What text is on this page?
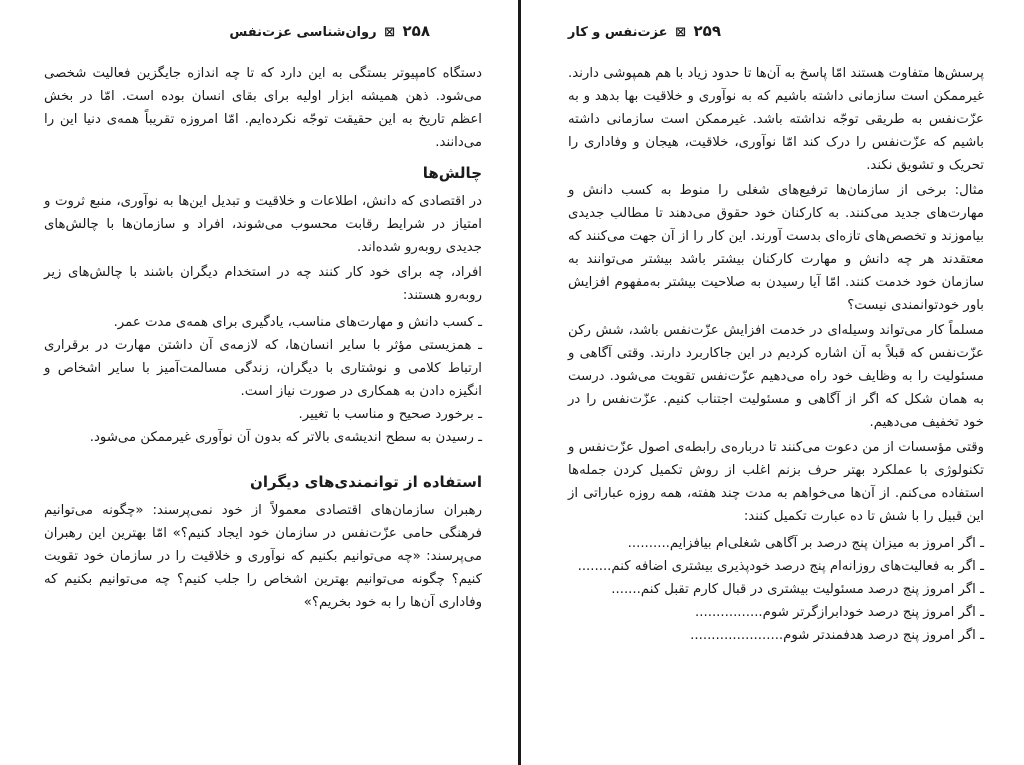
۲۵۸ ⊠ روان‌شناسی عزت‌نفس

دستگاه کامپیوتر بستگی به این دارد که تا چه اندازه جایگزین فعالیت شخصی می‌شود. ذهن همیشه ابزار اولیه برای بقای انسان بوده است. امّا در بخش اعظم تاریخ به این حقیقت توجّه نکرده‌ایم. امّا امروزه تقریباً همه‌ی دنیا این را می‌دانند.

چالش‌ها

در اقتصادی که دانش، اطلاعات و خلاقیت و تبدیل این‌ها به نوآوری، منبع ثروت و امتیاز در شرایط رقابت محسوب می‌شوند، افراد و سازمان‌ها با چالش‌های جدیدی روبه‌رو شده‌اند.

افراد، چه برای خود کار کنند چه در استخدام دیگران باشند با چالش‌های زیر روبه‌رو هستند:

ـ کسب دانش و مهارت‌های مناسب، یادگیری برای همه‌ی مدت عمر.
ـ همزیستی مؤثر با سایر انسان‌ها، که لازمه‌ی آن داشتن مهارت در برقراری ارتباط کلامی و نوشتاری با دیگران، زندگی مسالمت‌آمیز با سایر اشخاص و انگیزه دادن به همکاری در صورت نیاز است.
ـ برخورد صحیح و مناسب با تغییر.
ـ رسیدن به سطح اندیشه‌ی بالاتر که بدون آن نوآوری غیرممکن می‌شود.
استفاده از توانمندی‌های دیگران

رهبران سازمان‌های اقتصادی معمولاً از خود نمی‌پرسند: «چگونه می‌توانیم فرهنگی حامی عزّت‌نفس در سازمان خود ایجاد کنیم؟» امّا بهترین این رهبران می‌پرسند: «چه می‌توانیم بکنیم که نوآوری و خلاقیت را در سازمان خود تقویت کنیم؟ چگونه می‌توانیم بهترین اشخاص را جلب کنیم؟ چه می‌توانیم بکنیم که وفاداری آن‌ها را به خود بخریم؟»

۲۵۹ ⊠ عزت‌نفس و کار

پرسش‌ها متفاوت هستند امّا پاسخ به آن‌ها تا حدود زیاد با هم همپوشی دارند. غیرممکن است سازمانی داشته باشیم که به نوآوری و خلاقیت بها بدهد و به عزّت‌نفس به طریقی توجّه نداشته باشد. غیرممکن است سازمانی داشته باشیم که عزّت‌نفس را درک کند امّا نوآوری، خلاقیت، هیجان و وفاداری را تحریک و تشویق نکند.

مثال: برخی از سازمان‌ها ترفیع‌های شغلی را منوط به کسب دانش و مهارت‌های جدید می‌کنند. به کارکنان خود حقوق می‌دهند تا مطالب جدیدی بیاموزند و تخصص‌های تازه‌ای بدست آورند. این کار را از آن جهت می‌کنند که معتقدند هر چه دانش و مهارت کارکنان بیشتر باشد بیشتر می‌توانند به سازمان خود خدمت کنند. امّا آیا رسیدن به صلاحیت بیشتر به‌مفهوم افزایش باور خودتوانمندی نیست؟

مسلماً کار می‌تواند وسیله‌ای در خدمت افزایش عزّت‌نفس باشد، شش رکن عزّت‌نفس که قبلاً به آن اشاره کردیم در این جاکاربرد دارند. وقتی آگاهی و مسئولیت را به وظایف خود راه می‌دهیم عزّت‌نفس تقویت می‌شود. درست به همان شکل که اگر از آگاهی و مسئولیت اجتناب کنیم. عزّت‌نفس را در خود تخفیف می‌دهیم.

وقتی مؤسسات از من دعوت می‌کنند تا درباره‌ی رابطه‌ی اصول عزّت‌نفس و تکنولوژی با عملکرد بهتر حرف بزنم اغلب از روش تکمیل کردن جمله‌ها استفاده می‌کنم. از آن‌ها می‌خواهم به مدت چند هفته، همه روزه عباراتی از این قبیل را با شش تا ده عبارت تکمیل کنند:

ـ اگر امروز به میزان پنج درصد بر آگاهی شغلی‌ام بیافزایم..........
ـ اگر به فعالیت‌های روزانه‌ام پنج درصد خودپذیری بیشتری اضافه کنم........
ـ اگر امروز پنج درصد مسئولیت بیشتری در قبال کارم تقبل کنم.......
ـ اگر امروز پنج درصد خودابرازگرتر شوم................
ـ اگر امروز پنج درصد هدفمندتر شوم......................
